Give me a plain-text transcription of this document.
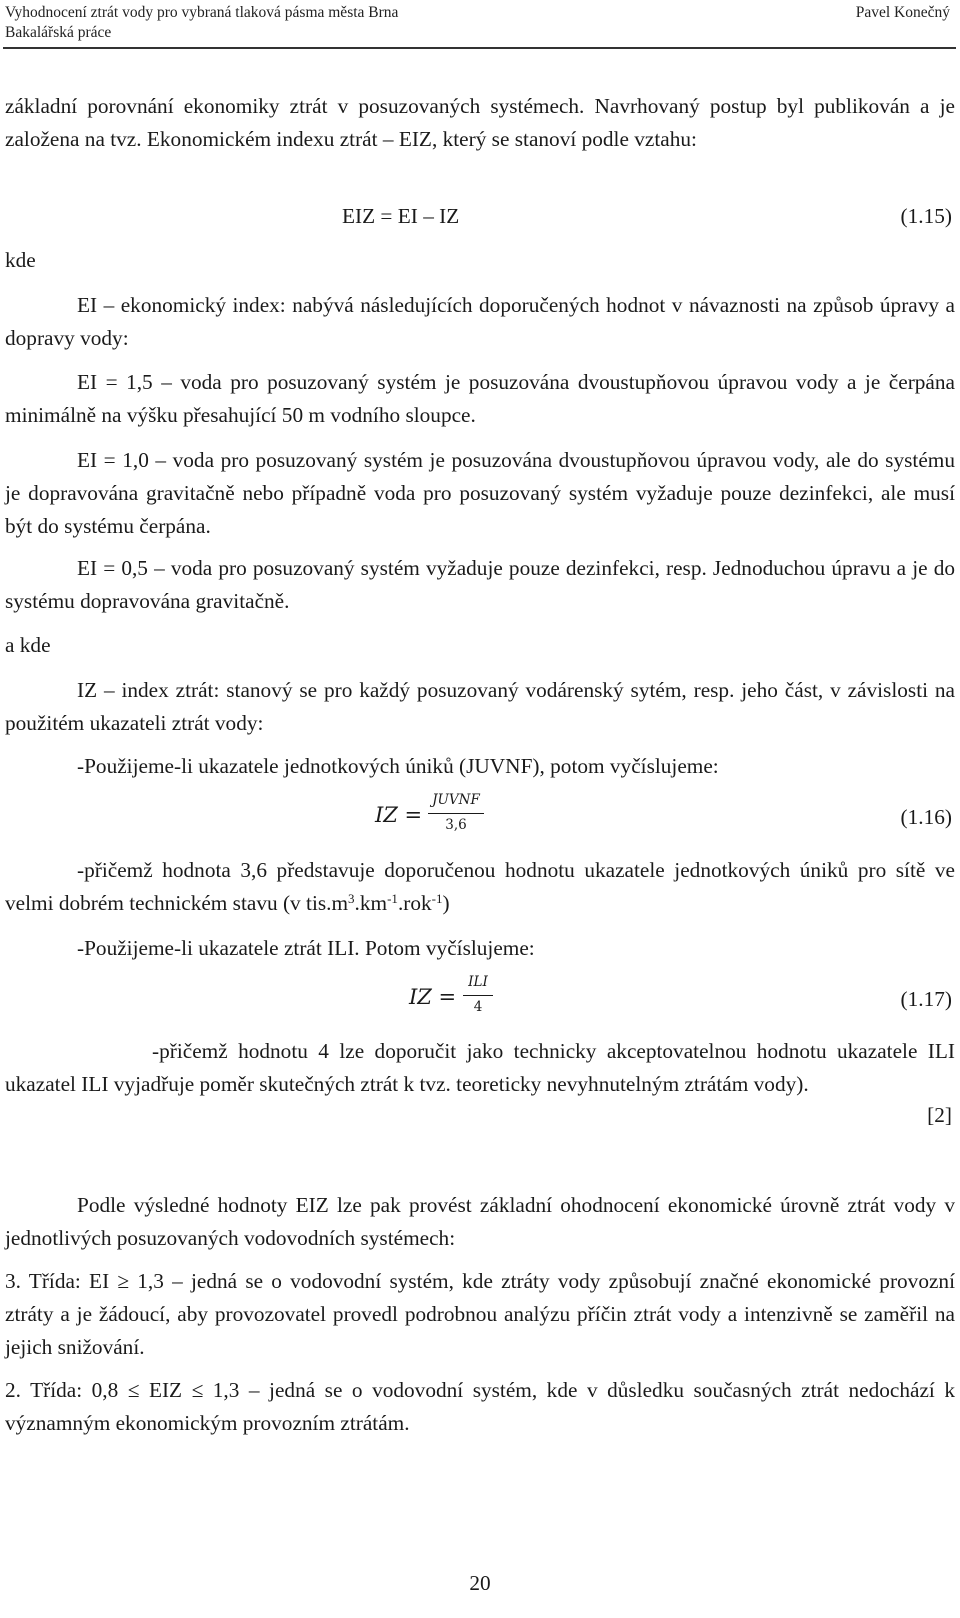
Vyhodnocení ztrát vody pro vybraná tlaková pásma města Brna
Bakalářská práce
Pavel Konečný

základní porovnání ekonomiky ztrát v posuzovaných systémech. Navrhovaný postup byl publikován a je založena na tvz. Ekonomickém indexu ztrát – EIZ, který se stanoví podle vztahu:

EIZ = EI – IZ	(1.15)
kde

EI – ekonomický index: nabývá následujících doporučených hodnot v návaznosti na způsob úpravy a dopravy vody:

EI = 1,5 – voda pro posuzovaný systém je posuzována dvoustupňovou úpravou vody a je čerpána minimálně na výšku přesahující 50 m vodního sloupce.

EI = 1,0 – voda pro posuzovaný systém je posuzována dvoustupňovou úpravou vody, ale do systému je dopravována gravitačně nebo případně voda pro posuzovaný systém vyžaduje pouze dezinfekci, ale musí být do systému čerpána.

EI = 0,5 – voda pro posuzovaný systém vyžaduje pouze dezinfekci, resp. Jednoduchou úpravu a je do systému dopravována gravitačně.

a kde

IZ – index ztrát: stanový se pro každý posuzovaný vodárenský sytém, resp. jeho část, v závislosti na použitém ukazateli ztrát vody:

-Použijeme-li ukazatele jednotkových úniků (JUVNF), potom vyčíslujeme:
IZ =
JUVNF
3,6	(1.16)

-přičemž hodnota 3,6 představuje doporučenou hodnotu ukazatele jednotkových úniků pro sítě ve velmi dobrém technickém stavu (v $tis.m^3.km^{-1}.rok^{-1}$)

-Použijeme-li ukazatele ztrát ILI. Potom vyčíslujeme:
IZ =
ILI
4	(1.17)

-přičemž hodnotu 4 lze doporučit jako technicky akceptovatelnou hodnotu ukazatele ILI ukazatel ILI vyjadřuje poměr skutečných ztrát k tvz. teoreticky nevyhnutelným ztrátám vody).

[2]

Podle výsledné hodnoty EIZ lze pak provést základní ohodnocení ekonomické úrovně ztrát vody v jednotlivých posuzovaných vodovodních systémech:

3. Třída: EI ≥ 1,3 – jedná se o vodovodní systém, kde ztráty vody způsobují značné ekonomické provozní ztráty a je žádoucí, aby provozovatel provedl podrobnou analýzu příčin ztrát vody a intenzivně se zaměřil na jejich snižování.

2. Třída: 0,8 ≤ EIZ ≤ 1,3 – jedná se o vodovodní systém, kde v důsledku současných ztrát nedochází k významným ekonomickým provozním ztrátám.

20
